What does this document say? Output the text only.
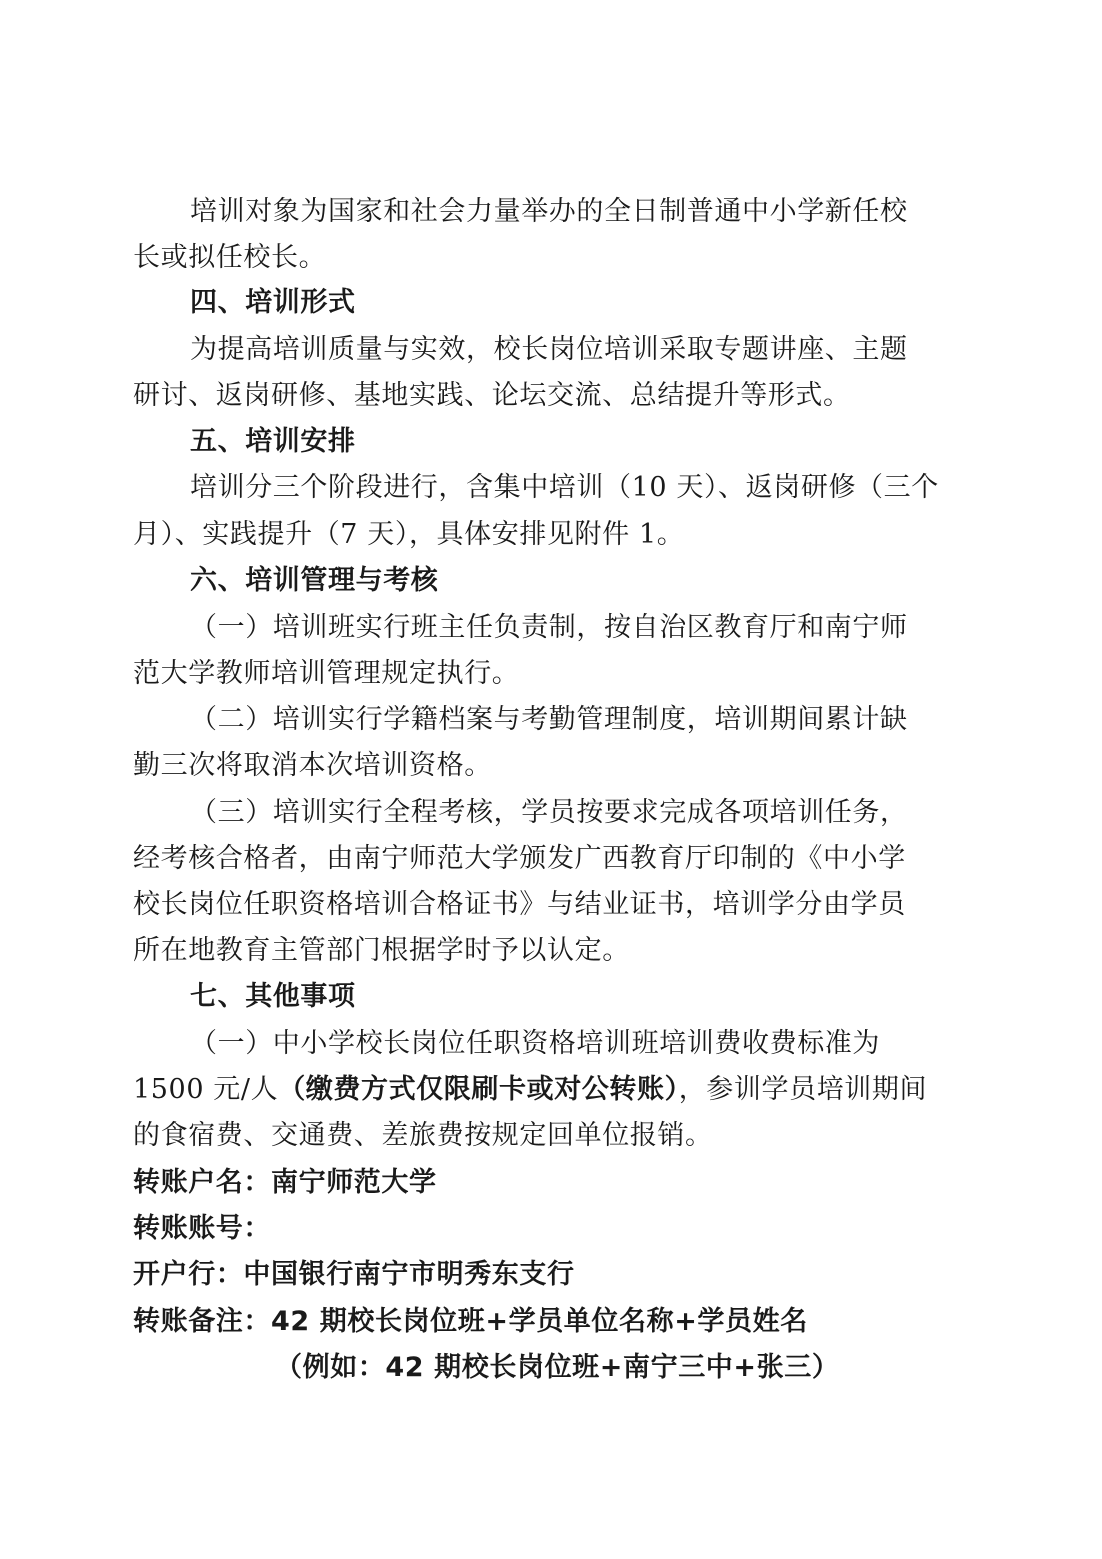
培训对象为国家和社会力量举办的全日制普通中小学新任校
长或拟任校长。
四、培训形式
为提高培训质量与实效，校长岗位培训采取专题讲座、主题
研讨、返岗研修、基地实践、论坛交流、总结提升等形式。
五、培训安排
培训分三个阶段进行，含集中培训（10 天）、返岗研修（三个
月）、实践提升（7 天），具体安排见附件 1。
六、培训管理与考核
（一）培训班实行班主任负责制，按自治区教育厅和南宁师
范大学教师培训管理规定执行。
（二）培训实行学籍档案与考勤管理制度，培训期间累计缺
勤三次将取消本次培训资格。
（三）培训实行全程考核，学员按要求完成各项培训任务，
经考核合格者，由南宁师范大学颁发广西教育厅印制的《中小学
校长岗位任职资格培训合格证书》与结业证书，培训学分由学员
所在地教育主管部门根据学时予以认定。
七、其他事项
（一）中小学校长岗位任职资格培训班培训费收费标准为
1500 元/人（缴费方式仅限刷卡或对公转账），参训学员培训期间
的食宿费、交通费、差旅费按规定回单位报销。
转账户名：南宁师范大学
转账账号：
开户行：中国银行南宁市明秀东支行
转账备注：42 期校长岗位班+学员单位名称+学员姓名
（例如：42 期校长岗位班+南宁三中+张三）
